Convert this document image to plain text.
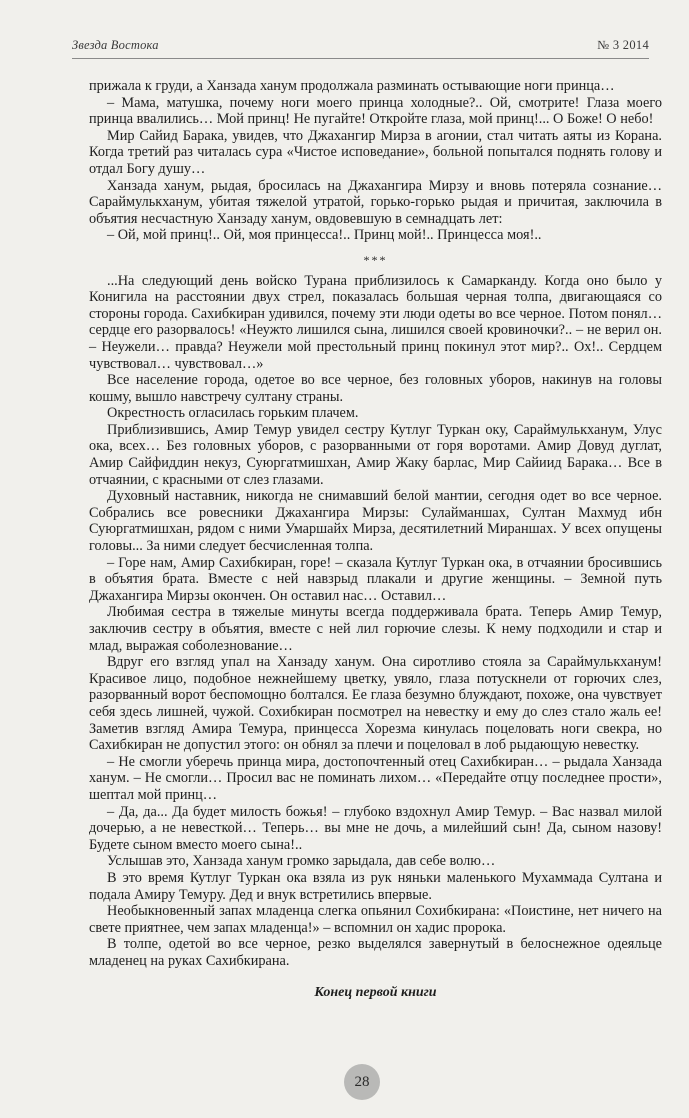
Звезда Востока	№ 3 2014

прижала к груди, а Ханзада ханум продолжала разминать остывающие ноги принца…

– Мама, матушка, почему ноги моего принца холодные?.. Ой, смотрите! Глаза моего принца ввалились… Мой принц! Не пугайте! Откройте глаза, мой принц!... О Боже! О небо!

Мир Сайид Барака, увидев, что Джахангир Мирза в агонии, стал читать аяты из Корана. Когда третий раз читалась сура «Чистое исповедание», больной попытался поднять голову и отдал Богу душу…

Ханзада ханум, рыдая, бросилась на Джахангира Мирзу и вновь потеряла сознание… Сараймулькханум, убитая тяжелой утратой, горько-горько рыдая и причитая, заключила в объятия несчастную Ханзаду ханум, овдовевшую в семнадцать лет:

– Ой, мой принц!.. Ой, моя принцесса!.. Принц мой!.. Принцесса моя!..

***

...На следующий день войско Турана приблизилось к Самарканду. Когда оно было у Конигила на расстоянии двух стрел, показалась большая черная толпа, двигающаяся со стороны города. Сахибкиран удивился, почему эти люди одеты во все черное. Потом понял… сердце его разорвалось! «Неужто лишился сына, лишился своей кровиночки?.. – не верил он. – Неужели… правда? Неужели мой престольный принц покинул этот мир?.. Ох!.. Сердцем чувствовал… чувствовал…»

Все население города, одетое во все черное, без головных уборов, накинув на головы кошму, вышло навстречу султану страны.

Окрестность огласилась горьким плачем.

Приблизившись, Амир Темур увидел сестру Кутлуг Туркан оку, Сараймулькханум, Улус ока, всех… Без головных уборов, с разорванными от горя воротами. Амир Довуд дуглат, Амир Сайфиддин некуз, Суюргатмишхан, Амир Жаку барлас, Мир Сайиид Барака… Все в отчаянии, с красными от слез глазами.

Духовный наставник, никогда не снимавший белой мантии, сегодня одет во все черное. Собрались все ровесники Джахангира Мирзы: Сулайманшах, Султан Махмуд ибн Суюргатмишхан, рядом с ними Умаршайх Мирза, десятилетний Мираншах. У всех опущены головы... За ними следует бесчисленная толпа.

– Горе нам, Амир Сахибкиран, горе! – сказала Кутлуг Туркан ока, в отчаянии бросившись в объятия брата. Вместе с ней навзрыд плакали и другие женщины. – Земной путь Джахангира Мирзы окончен. Он оставил нас… Оставил…

Любимая сестра в тяжелые минуты всегда поддерживала брата. Теперь Амир Темур, заключив сестру в объятия, вместе с ней лил горючие слезы. К нему подходили и стар и млад, выражая соболезнование…

Вдруг его взгляд упал на Ханзаду ханум. Она сиротливо стояла за Сараймулькханум! Красивое лицо, подобное нежнейшему цветку, увяло, глаза потускнели от горючих слез, разорванный ворот беспомощно болтался. Ее глаза безумно блуждают, похоже, она чувствует себя здесь лишней, чужой. Сохибкиран посмотрел на невестку и ему до слез стало жаль ее! Заметив взгляд Амира Темура, принцесса Хорезма кинулась поцеловать ноги свекра, но Сахибкиран не допустил этого: он обнял за плечи и поцеловал в лоб рыдающую невестку.

– Не смогли уберечь принца мира, достопочтенный отец Сахибкиран… – рыдала Ханзада ханум. – Не смогли… Просил вас не поминать лихом… «Передайте отцу последнее прости», шептал мой принц…

– Да, да... Да будет милость божья! – глубоко вздохнул Амир Темур. – Вас назвал милой дочерью, а не невесткой… Теперь… вы мне не дочь, а милейший сын! Да, сыном назову! Будете сыном вместо моего сына!..

Услышав это, Ханзада ханум громко зарыдала, дав себе волю…

В это время Кутлуг Туркан ока взяла из рук няньки маленького Мухаммада Султана и подала Амиру Темуру. Дед и внук встретились впервые.

Необыкновенный запах младенца слегка опьянил Сохибкирана: «Поистине, нет ничего на свете приятнее, чем запах младенца!» – вспомнил он хадис пророка.

В толпе, одетой во все черное, резко выделялся завернутый в белоснежное одеяльце младенец на руках Сахибкирана.

Конец первой книги
28
